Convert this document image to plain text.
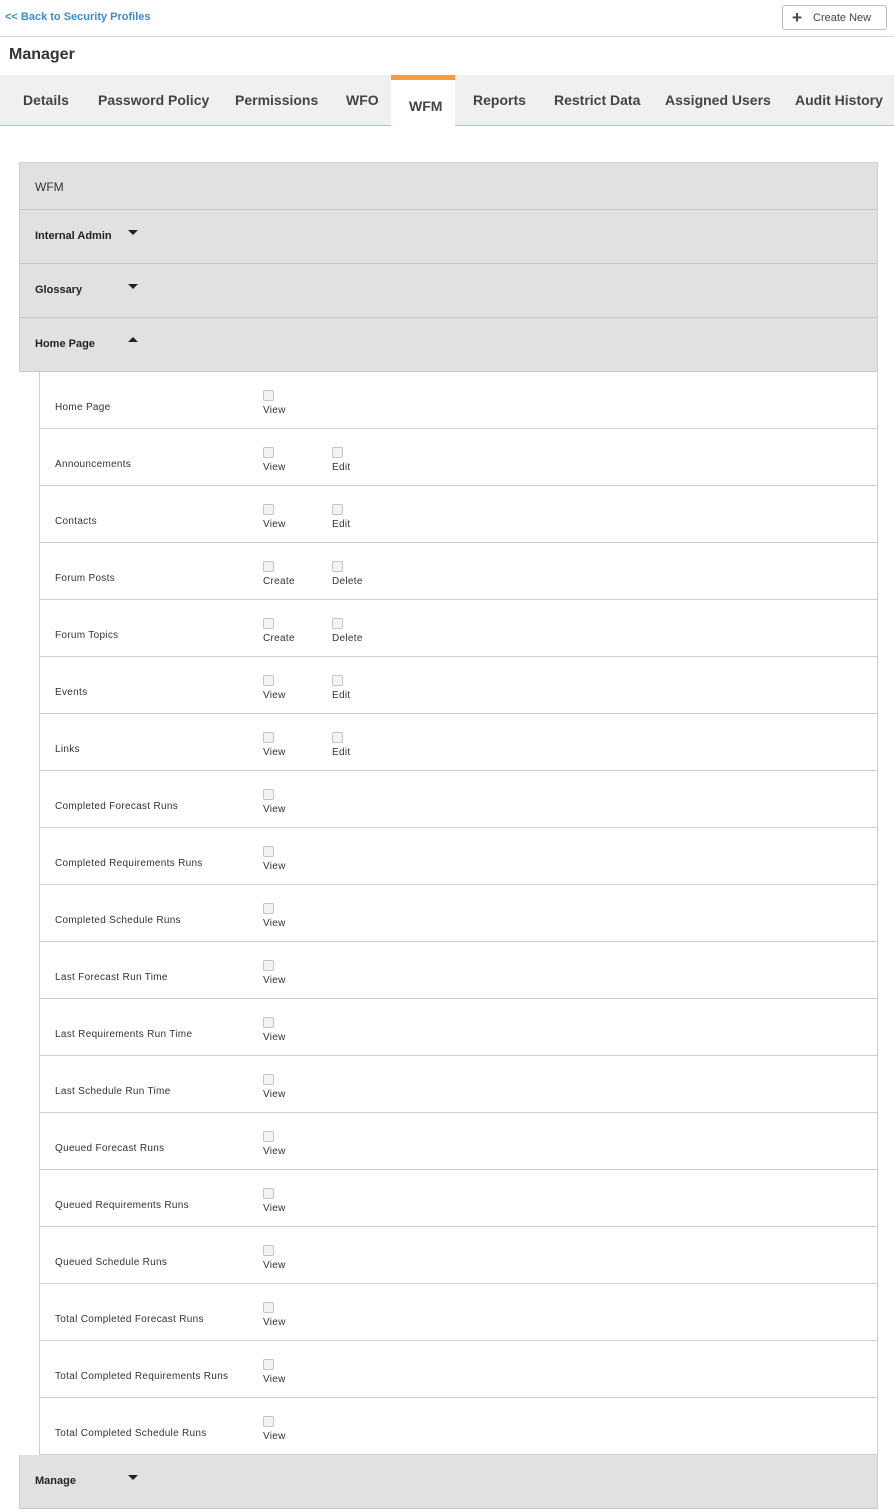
<< Back to Security Profiles	+ Create New
Manager
Details Password Policy Permissions WFO WFM Reports Restrict Data Assigned Users Audit History
WFM
Internal Admin
Glossary
Home Page
Home Page	View
Announcements	View	Edit
Contacts	View	Edit
Forum Posts	Create	Delete
Forum Topics	Create	Delete
Events	View	Edit
Links	View	Edit
Completed Forecast Runs	View
Completed Requirements Runs	View
Completed Schedule Runs	View
Last Forecast Run Time	View
Last Requirements Run Time	View
Last Schedule Run Time	View
Queued Forecast Runs	View
Queued Requirements Runs	View
Queued Schedule Runs	View
Total Completed Forecast Runs	View
Total Completed Requirements Runs	View
Total Completed Schedule Runs	View
Manage
